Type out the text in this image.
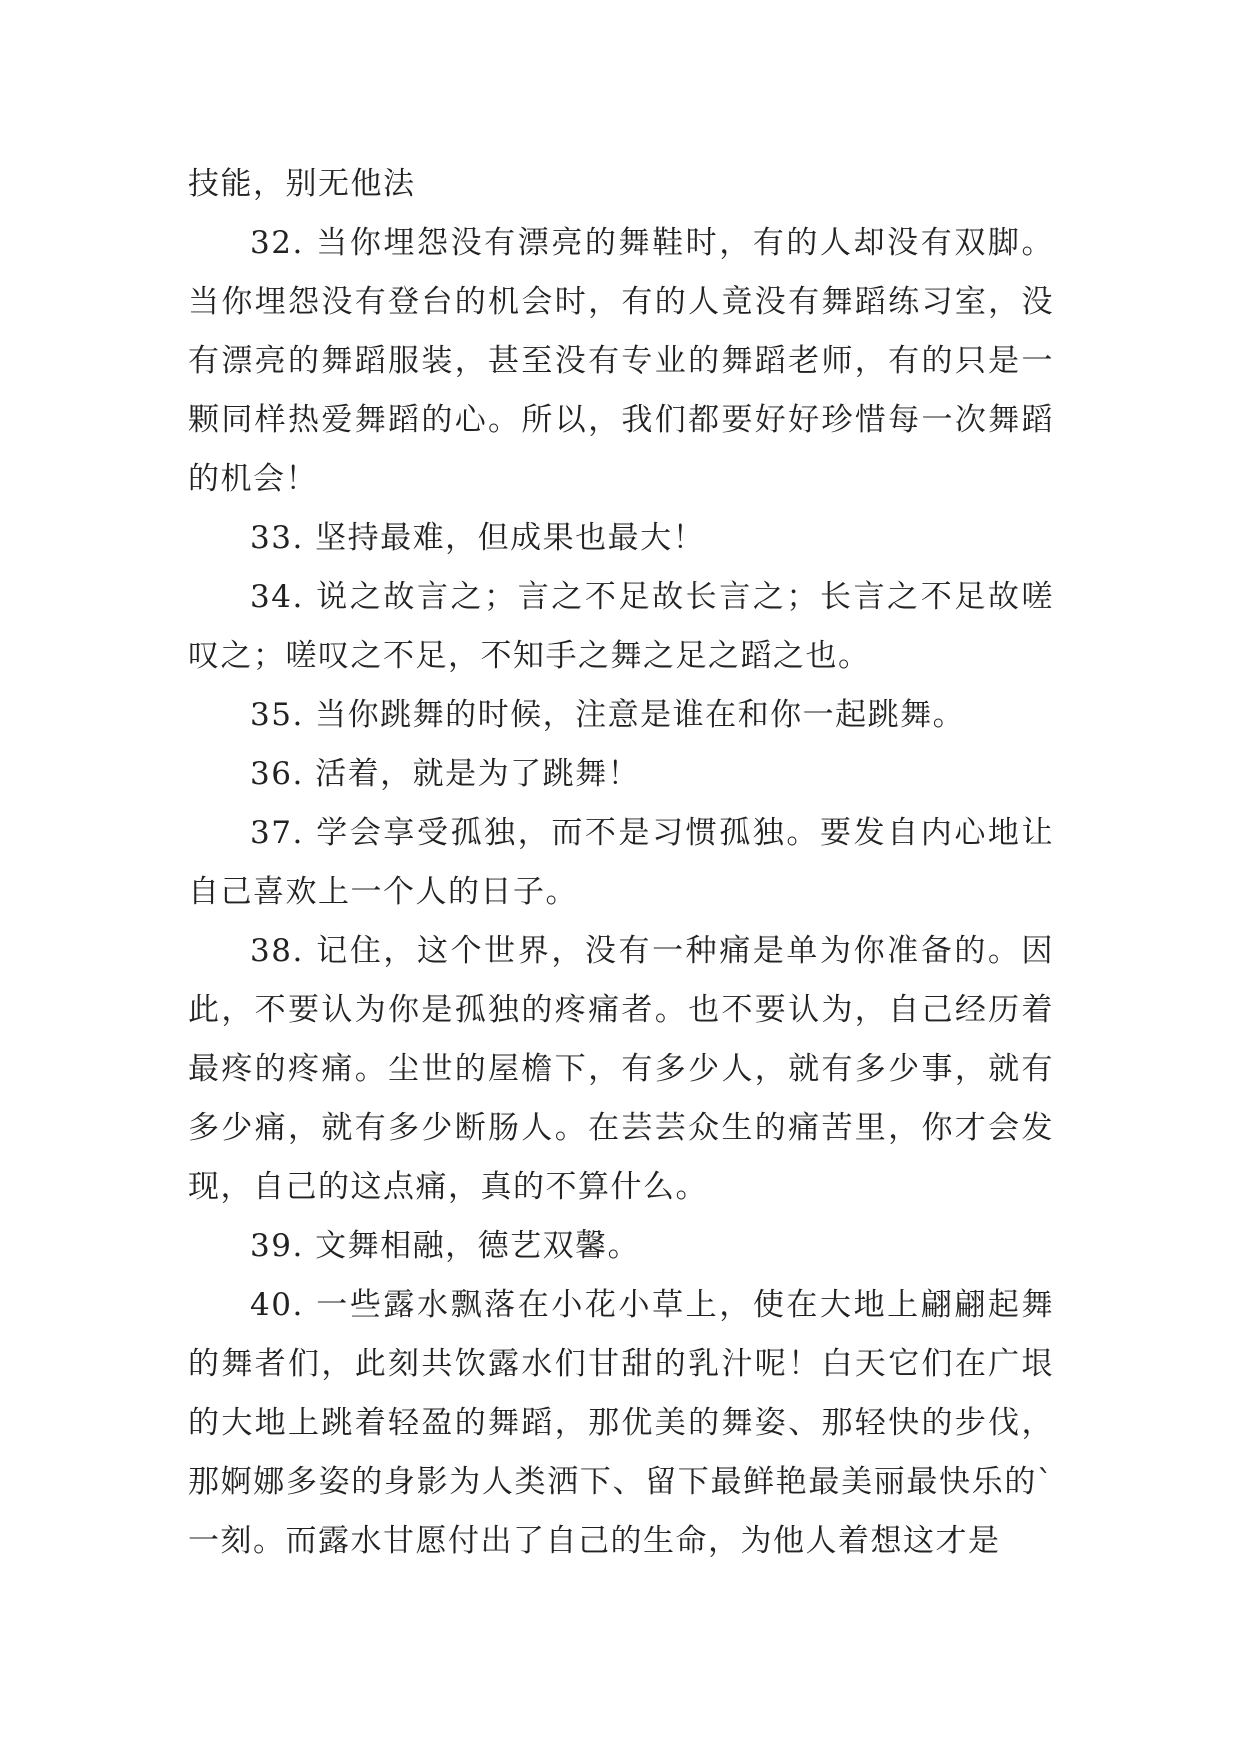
技能，别无他法

32. 当你埋怨没有漂亮的舞鞋时，有的人却没有双脚。当你埋怨没有登台的机会时，有的人竟没有舞蹈练习室，没有漂亮的舞蹈服装，甚至没有专业的舞蹈老师，有的只是一颗同样热爱舞蹈的心。所以，我们都要好好珍惜每一次舞蹈的机会！

33. 坚持最难，但成果也最大！

34. 说之故言之；言之不足故长言之；长言之不足故嗟叹之；嗟叹之不足，不知手之舞之足之蹈之也。

35. 当你跳舞的时候，注意是谁在和你一起跳舞。

36. 活着，就是为了跳舞！

37. 学会享受孤独，而不是习惯孤独。要发自内心地让自己喜欢上一个人的日子。

38. 记住，这个世界，没有一种痛是单为你准备的。因此，不要认为你是孤独的疼痛者。也不要认为，自己经历着最疼的疼痛。尘世的屋檐下，有多少人，就有多少事，就有多少痛，就有多少断肠人。在芸芸众生的痛苦里，你才会发现，自己的这点痛，真的不算什么。

39. 文舞相融，德艺双馨。

40. 一些露水飘落在小花小草上，使在大地上翩翩起舞的舞者们，此刻共饮露水们甘甜的乳汁呢！白天它们在广垠的大地上跳着轻盈的舞蹈，那优美的舞姿、那轻快的步伐，那婀娜多姿的身影为人类洒下、留下最鲜艳最美丽最快乐的`一刻。而露水甘愿付出了自己的生命，为他人着想这才是
